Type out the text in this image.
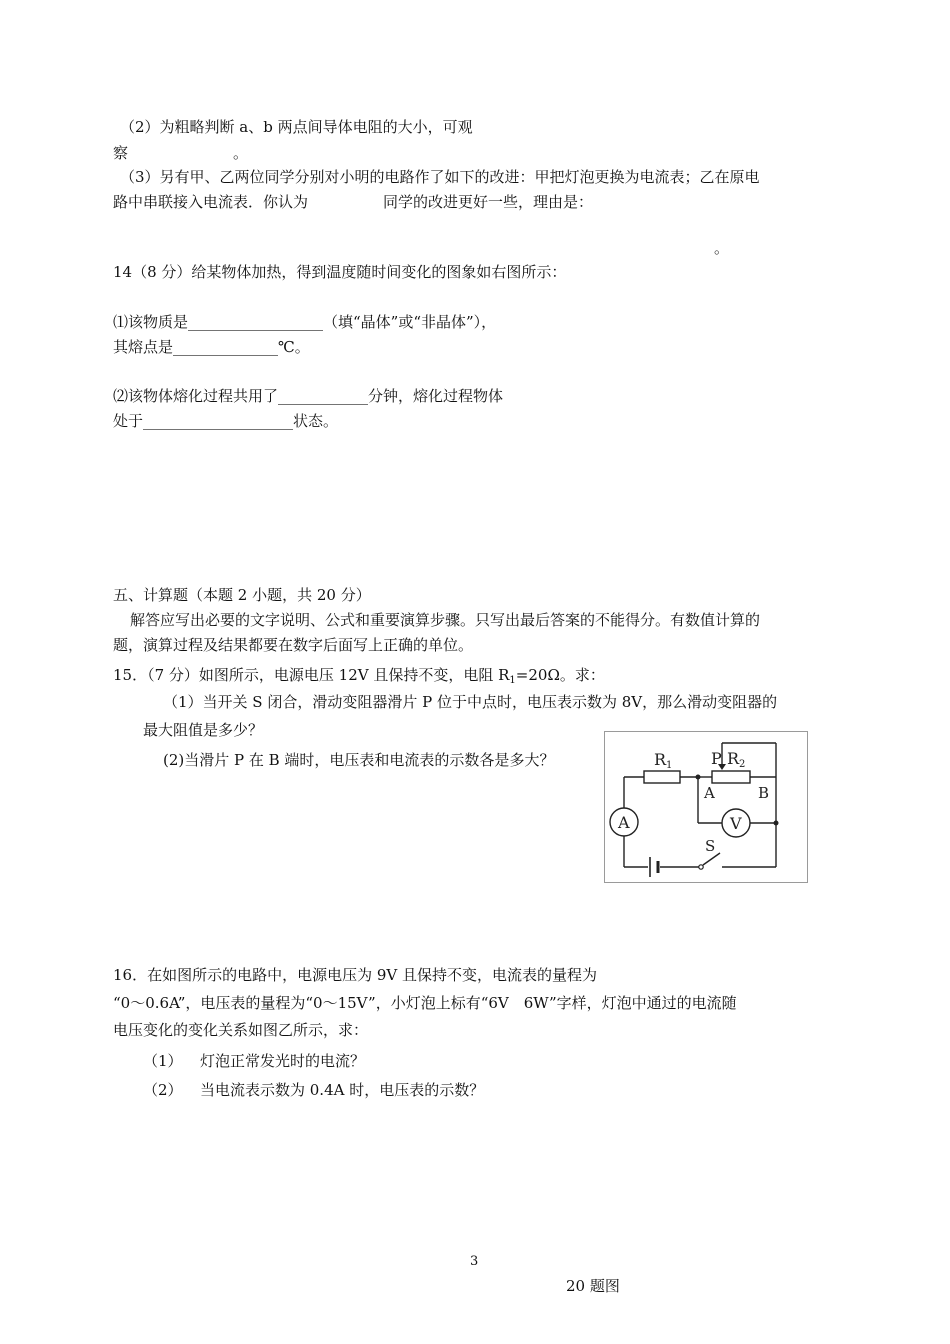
（2）为粗略判断 a、b 两点间导体电阻的大小，可观
察　　　　　　　。
（3）另有甲、乙两位同学分别对小明的电路作了如下的改进：甲把灯泡更换为电流表；乙在原电
路中串联接入电流表．你认为　　　　　同学的改进更好一些，理由是：
。
14（8 分）给某物体加热，得到温度随时间变化的图象如右图所示：
⑴该物质是__________________（填“晶体”或“非晶体”），
其熔点是______________℃。
⑵该物体熔化过程共用了____________分钟，熔化过程物体
处于____________________状态。
五、计算题（本题 2 小题，共 20 分）
解答应写出必要的文字说明、公式和重要演算步骤。只写出最后答案的不能得分。有数值计算的
题，演算过程及结果都要在数字后面写上正确的单位。
15．（7 分）如图所示，电源电压 12V 且保持不变，电阻 $R_1=20\Omega$。求：
（1）当开关 S 闭合，滑动变阻器滑片 P 位于中点时，电压表示数为 8V，那么滑动变阻器的
最大阻值是多少？
(2)当滑片 P 在 B 端时，电压表和电流表的示数各是多大？	R1 P R2
A	B
A	V
S
16．在如图所示的电路中，电源电压为 9V 且保持不变，电流表的量程为
“0～0.6A”，电压表的量程为“0～15V”，小灯泡上标有“6V　6W”字样，灯泡中通过的电流随
电压变化的变化关系如图乙所示，求：
（1） 灯泡正常发光时的电流？
（2） 当电流表示数为 0.4A 时，电压表的示数？
3
20 题图
